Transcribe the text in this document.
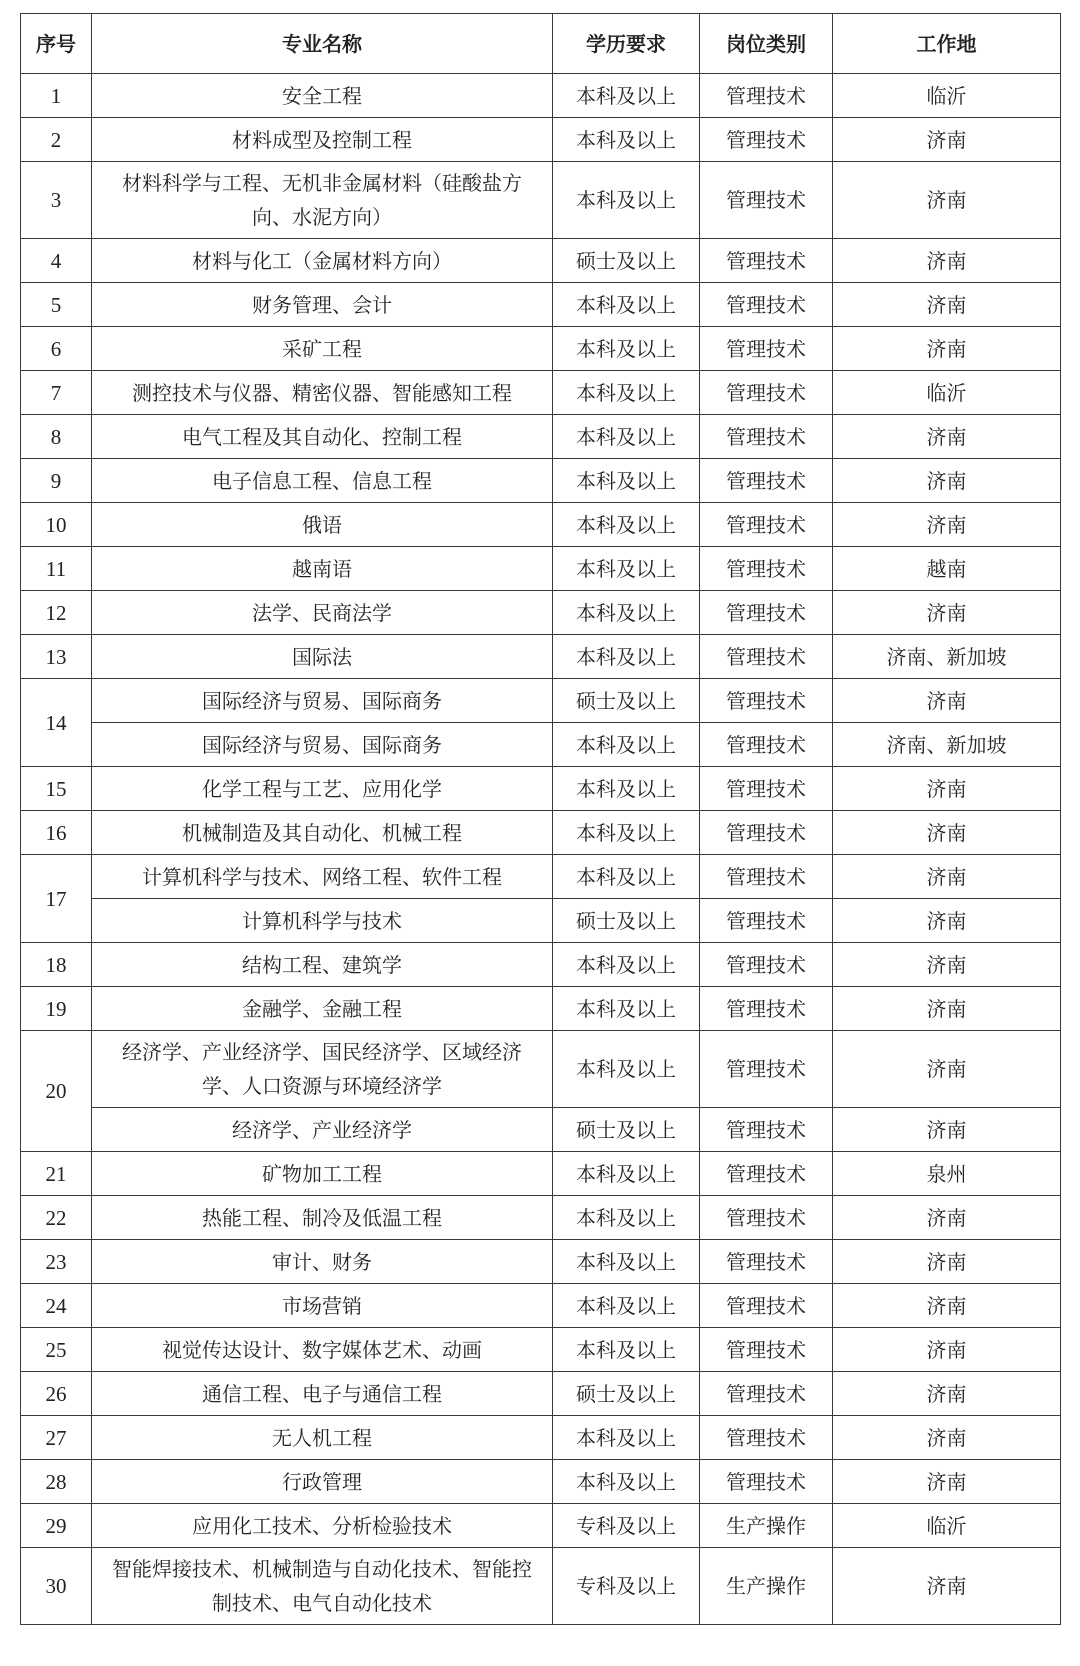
序号	专业名称	学历要求	岗位类别	工作地
1	安全工程	本科及以上	管理技术	临沂
2	材料成型及控制工程	本科及以上	管理技术	济南
3	材料科学与工程、无机非金属材料（硅酸盐方向、水泥方向）	本科及以上	管理技术	济南
4	材料与化工（金属材料方向）	硕士及以上	管理技术	济南
5	财务管理、会计	本科及以上	管理技术	济南
6	采矿工程	本科及以上	管理技术	济南
7	测控技术与仪器、精密仪器、智能感知工程	本科及以上	管理技术	临沂
8	电气工程及其自动化、控制工程	本科及以上	管理技术	济南
9	电子信息工程、信息工程	本科及以上	管理技术	济南
10	俄语	本科及以上	管理技术	济南
11	越南语	本科及以上	管理技术	越南
12	法学、民商法学	本科及以上	管理技术	济南
13	国际法	本科及以上	管理技术	济南、新加坡
14	国际经济与贸易、国际商务	硕士及以上	管理技术	济南
	国际经济与贸易、国际商务	本科及以上	管理技术	济南、新加坡
15	化学工程与工艺、应用化学	本科及以上	管理技术	济南
16	机械制造及其自动化、机械工程	本科及以上	管理技术	济南
17	计算机科学与技术、网络工程、软件工程	本科及以上	管理技术	济南
	计算机科学与技术	硕士及以上	管理技术	济南
18	结构工程、建筑学	本科及以上	管理技术	济南
19	金融学、金融工程	本科及以上	管理技术	济南
20	经济学、产业经济学、国民经济学、区域经济学、人口资源与环境经济学	本科及以上	管理技术	济南
	经济学、产业经济学	硕士及以上	管理技术	济南
21	矿物加工工程	本科及以上	管理技术	泉州
22	热能工程、制冷及低温工程	本科及以上	管理技术	济南
23	审计、财务	本科及以上	管理技术	济南
24	市场营销	本科及以上	管理技术	济南
25	视觉传达设计、数字媒体艺术、动画	本科及以上	管理技术	济南
26	通信工程、电子与通信工程	硕士及以上	管理技术	济南
27	无人机工程	本科及以上	管理技术	济南
28	行政管理	本科及以上	管理技术	济南
29	应用化工技术、分析检验技术	专科及以上	生产操作	临沂
30	智能焊接技术、机械制造与自动化技术、智能控制技术、电气自动化技术	专科及以上	生产操作	济南
